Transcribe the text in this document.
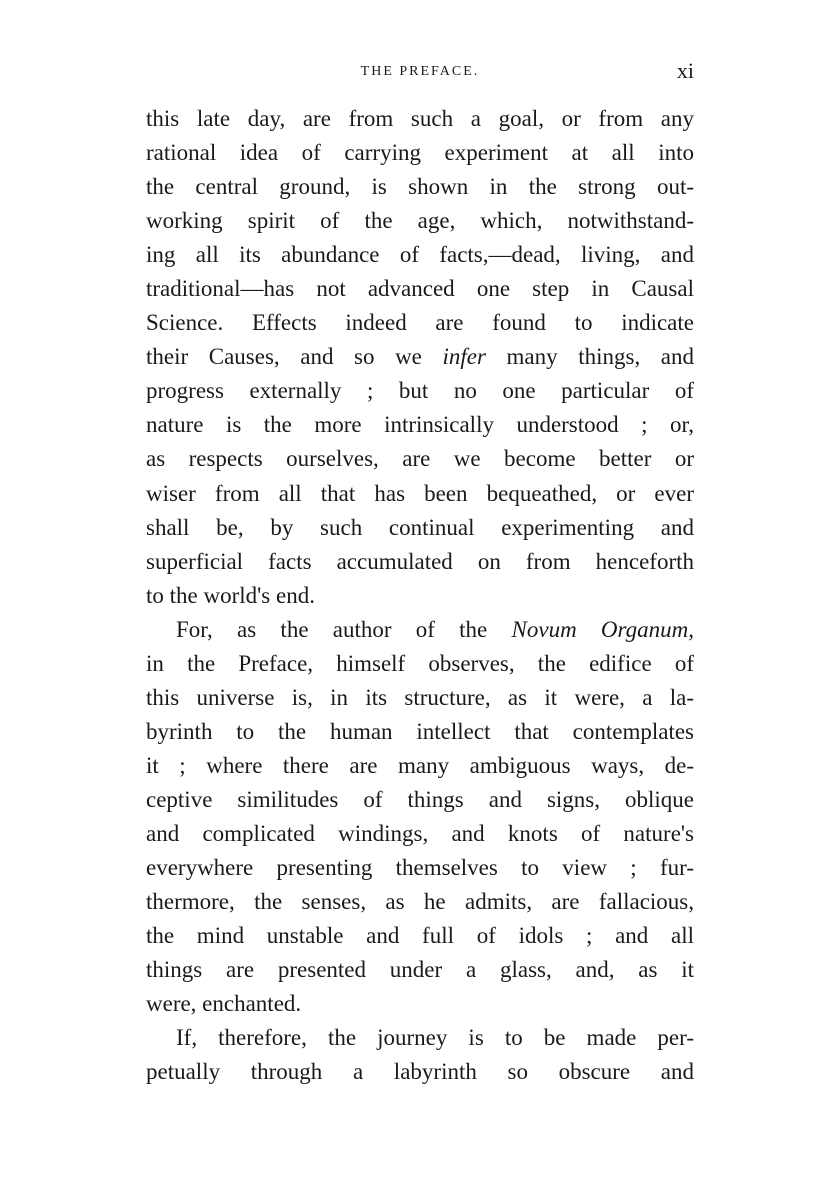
THE PREFACE.	xi
this late day, are from such a goal, or from any
rational idea of carrying experiment at all into
the central ground, is shown in the strong out-
working spirit of the age, which, notwithstand-
ing all its abundance of facts,—dead, living, and
traditional—has not advanced one step in Causal
Science. Effects indeed are found to indicate
their Causes, and so we infer many things, and
progress externally ; but no one particular of
nature is the more intrinsically understood ; or,
as respects ourselves, are we become better or
wiser from all that has been bequeathed, or ever
shall be, by such continual experimenting and
superficial facts accumulated on from henceforth
to the world's end.
For, as the author of the Novum Organum,
in the Preface, himself observes, the edifice of
this universe is, in its structure, as it were, a la-
byrinth to the human intellect that contemplates
it ; where there are many ambiguous ways, de-
ceptive similitudes of things and signs, oblique
and complicated windings, and knots of nature's
everywhere presenting themselves to view ; fur-
thermore, the senses, as he admits, are fallacious,
the mind unstable and full of idols ; and all
things are presented under a glass, and, as it
were, enchanted.
If, therefore, the journey is to be made per-
petually through a labyrinth so obscure and
